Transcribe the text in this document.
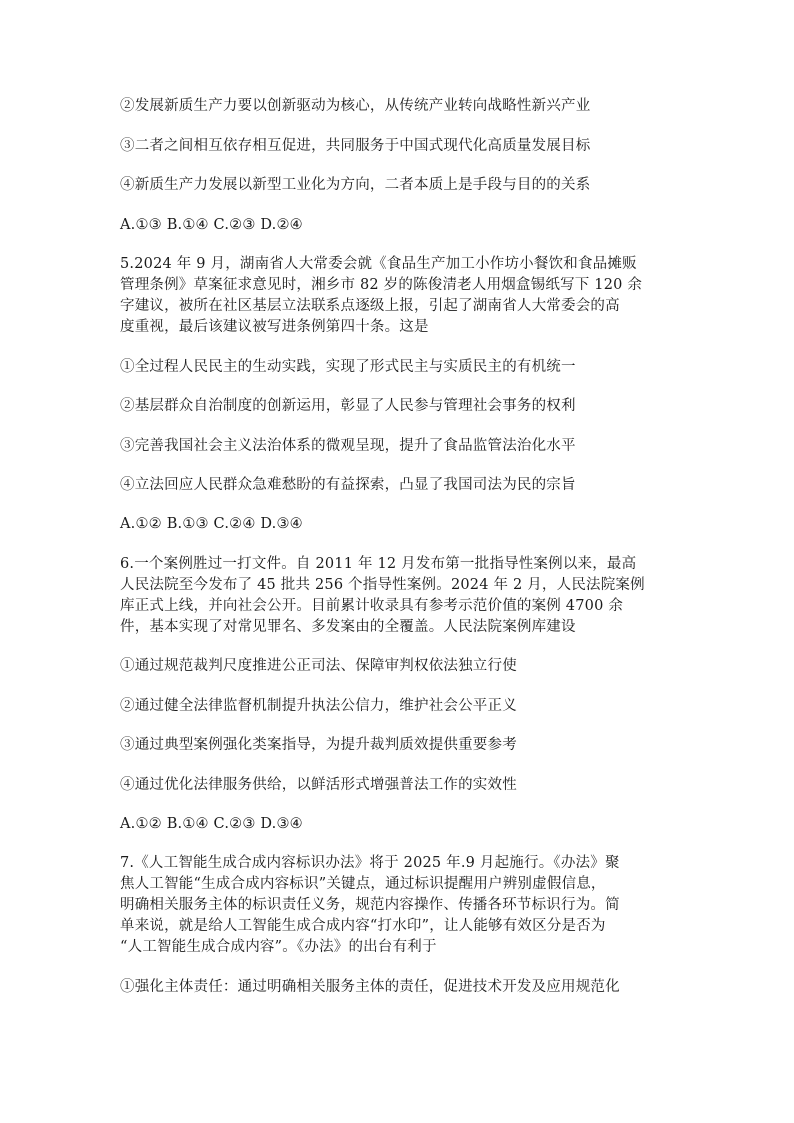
②发展新质生产力要以创新驱动为核心，从传统产业转向战略性新兴产业
③二者之间相互依存相互促进，共同服务于中国式现代化高质量发展目标
④新质生产力发展以新型工业化为方向，二者本质上是手段与目的的关系
A.①③ B.①④ C.②③ D.②④
5.2024 年 9 月，湖南省人大常委会就《食品生产加工小作坊小餐饮和食品摊贩
管理条例》草案征求意见时，湘乡市 82 岁的陈俊清老人用烟盒锡纸写下 120 余
字建议，被所在社区基层立法联系点逐级上报，引起了湖南省人大常委会的高
度重视，最后该建议被写进条例第四十条。这是
①全过程人民民主的生动实践，实现了形式民主与实质民主的有机统一
②基层群众自治制度的创新运用，彰显了人民参与管理社会事务的权利
③完善我国社会主义法治体系的微观呈现，提升了食品监管法治化水平
④立法回应人民群众急难愁盼的有益探索，凸显了我国司法为民的宗旨
A.①② B.①③ C.②④ D.③④
6.一个案例胜过一打文件。自 2011 年 12 月发布第一批指导性案例以来，最高
人民法院至今发布了 45 批共 256 个指导性案例。2024 年 2 月，人民法院案例
库正式上线，并向社会公开。目前累计收录具有参考示范价值的案例 4700 余
件，基本实现了对常见罪名、多发案由的全覆盖。人民法院案例库建设
①通过规范裁判尺度推进公正司法、保障审判权依法独立行使
②通过健全法律监督机制提升执法公信力，维护社会公平正义
③通过典型案例强化类案指导，为提升裁判质效提供重要参考
④通过优化法律服务供给，以鲜活形式增强普法工作的实效性
A.①② B.①④ C.②③ D.③④
7.《人工智能生成合成内容标识办法》将于 2025 年.9 月起施行。《办法》聚
焦人工智能“生成合成内容标识”关键点，通过标识提醒用户辨别虚假信息，
明确相关服务主体的标识责任义务，规范内容操作、传播各环节标识行为。简
单来说，就是给人工智能生成合成内容“打水印”，让人能够有效区分是否为
“人工智能生成合成内容”。《办法》的出台有利于
①强化主体责任：通过明确相关服务主体的责任，促进技术开发及应用规范化
